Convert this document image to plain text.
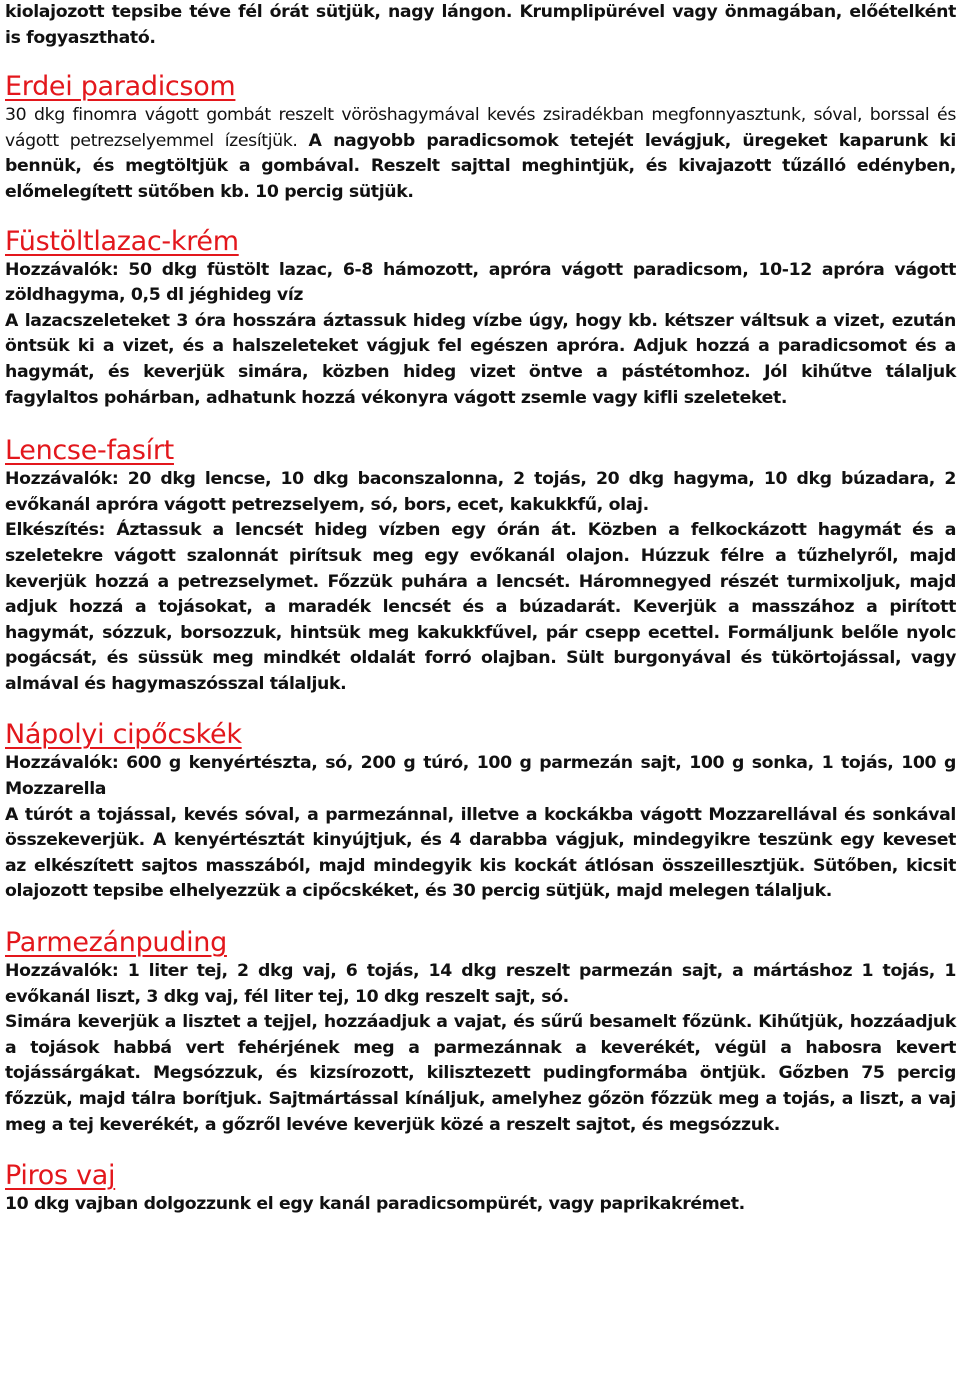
kiolajozott tepsibe téve fél órát sütjük, nagy lángon. Krumplipürével vagy önmagában, előételként is fogyasztható.

Erdei paradicsom

30 dkg finomra vágott gombát reszelt vöröshagymával kevés zsiradékban megfonnyasztunk, sóval, borssal és vágott petrezselyemmel ízesítjük. A nagyobb paradicsomok tetejét levágjuk, üregeket kaparunk ki bennük, és megtöltjük a gombával. Reszelt sajttal meghintjük, és kivajazott tűzálló edényben, előmelegített sütőben kb. 10 percig sütjük.

Füstöltlazac-krém

Hozzávalók: 50 dkg füstölt lazac, 6-8 hámozott, apróra vágott paradicsom, 10-12 apróra vágott zöldhagyma, 0,5 dl jéghideg víz

A lazacszeleteket 3 óra hosszára áztassuk hideg vízbe úgy, hogy kb. kétszer váltsuk a vizet, ezután öntsük ki a vizet, és a halszeleteket vágjuk fel egészen apróra. Adjuk hozzá a paradicsomot és a hagymát, és keverjük simára, közben hideg vizet öntve a pástétomhoz. Jól kihűtve tálaljuk fagylaltos pohárban, adhatunk hozzá vékonyra vágott zsemle vagy kifli szeleteket.

Lencse-fasírt

Hozzávalók: 20 dkg lencse, 10 dkg baconszalonna, 2 tojás, 20 dkg hagyma, 10 dkg búzadara, 2 evőkanál apróra vágott petrezselyem, só, bors, ecet, kakukkfű, olaj.

Elkészítés: Áztassuk a lencsét hideg vízben egy órán át. Közben a felkockázott hagymát és a szeletekre vágott szalonnát pirítsuk meg egy evőkanál olajon. Húzzuk félre a tűzhelyről, majd keverjük hozzá a petrezselymet. Főzzük puhára a lencsét. Háromnegyed részét turmixoljuk, majd adjuk hozzá a tojásokat, a maradék lencsét és a búzadarát. Keverjük a masszához a pirított hagymát, sózzuk, borsozzuk, hintsük meg kakukkfűvel, pár csepp ecettel. Formáljunk belőle nyolc pogácsát, és süssük meg mindkét oldalát forró olajban. Sült burgonyával és tükörtojással, vagy almával és hagymaszósszal tálaljuk.

Nápolyi cipőcskék

Hozzávalók: 600 g kenyértészta, só, 200 g túró, 100 g parmezán sajt, 100 g sonka, 1 tojás, 100 g Mozzarella

A túrót a tojással, kevés sóval, a parmezánnal, illetve a kockákba vágott Mozzarellával és sonkával összekeverjük. A kenyértésztát kinyújtjuk, és 4 darabba vágjuk, mindegyikre teszünk egy keveset az elkészített sajtos masszából, majd mindegyik kis kockát átlósan összeillesztjük. Sütőben, kicsit olajozott tepsibe elhelyezzük a cipőcskéket, és 30 percig sütjük, majd melegen tálaljuk.

Parmezánpuding

Hozzávalók: 1 liter tej, 2 dkg vaj, 6 tojás, 14 dkg reszelt parmezán sajt, a mártáshoz 1 tojás, 1 evőkanál liszt, 3 dkg vaj, fél liter tej, 10 dkg reszelt sajt, só.

Simára keverjük a lisztet a tejjel, hozzáadjuk a vajat, és sűrű besamelt főzünk. Kihűtjük, hozzáadjuk a tojások habbá vert fehérjének meg a parmezánnak a keverékét, végül a habosra kevert tojássárgákat. Megsózzuk, és kizsírozott, kilisztezett pudingformába öntjük. Gőzben 75 percig főzzük, majd tálra borítjuk. Sajtmártással kínáljuk, amelyhez gőzön főzzük meg a tojás, a liszt, a vaj meg a tej keverékét, a gőzről levéve keverjük közé a reszelt sajtot, és megsózzuk.

Piros vaj

10 dkg vajban dolgozzunk el egy kanál paradicsompürét, vagy paprikakrémet.
